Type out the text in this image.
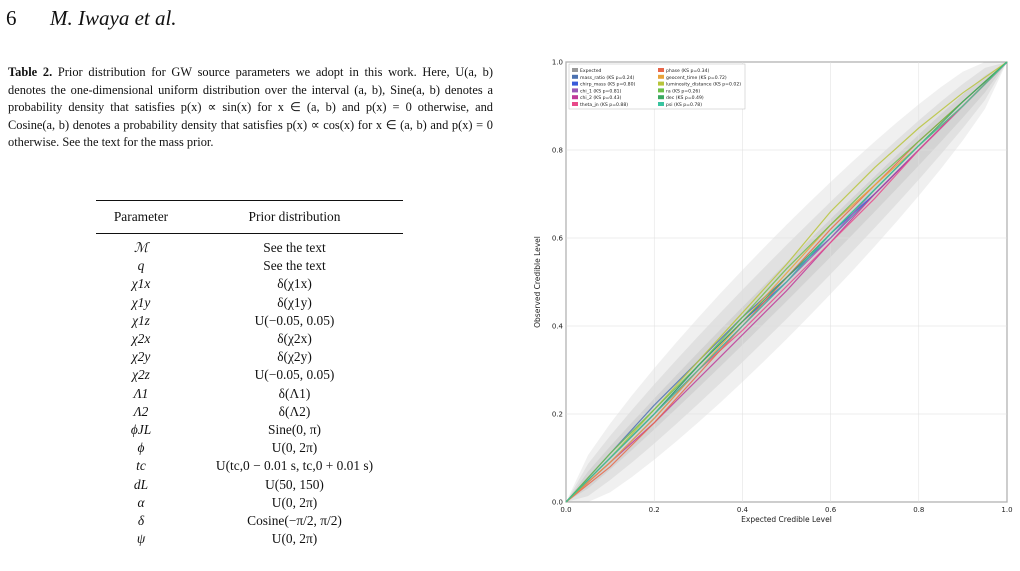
6 M. Iwaya et al.
Table 2. Prior distribution for GW source parameters we adopt in this work. Here, U(a, b) denotes the one-dimensional uniform distribution over the interval (a, b), Sine(a, b) denotes a probability density that satisfies p(x) ∝ sin(x) for x ∈ (a, b) and p(x) = 0 otherwise, and Cosine(a, b) denotes a probability density that satisfies p(x) ∝ cos(x) for x ∈ (a, b) and p(x) = 0 otherwise. See the text for the mass prior.
Parameter	Prior distribution
ℳ	See the text
q	See the text
χ1x	δ(χ1x)
χ1y	δ(χ1y)
χ1z	U(−0.05, 0.05)
χ2x	δ(χ2x)
χ2y	δ(χ2y)
χ2z	U(−0.05, 0.05)
Λ1	δ(Λ1)
Λ2	δ(Λ2)
ϕJL	Sine(0, π)
ϕ	U(0, 2π)
tc	U(tc,0 − 0.01 s, tc,0 + 0.01 s)
dL	U(50, 150)
α	U(0, 2π)
δ	Cosine(−π/2, π/2)
ψ	U(0, 2π)
0.0
0.0
0.2
0.2
0.4
0.4
0.6
0.6
0.8
0.8
1.0
1.0
Expected Credible Level
Observed Credible Level
Expected
mass_ratio (KS p=0.24)
chirp_mass (KS p=0.80)
chi_1 (KS p=0.81)
chi_2 (KS p=0.43)
theta_jn (KS p=0.88)
phase (KS p=0.34)
geocent_time (KS p=0.72)
luminosity_distance (KS p=0.02)
ra (KS p=0.26)
dec (KS p=0.49)
psi (KS p=0.78)
